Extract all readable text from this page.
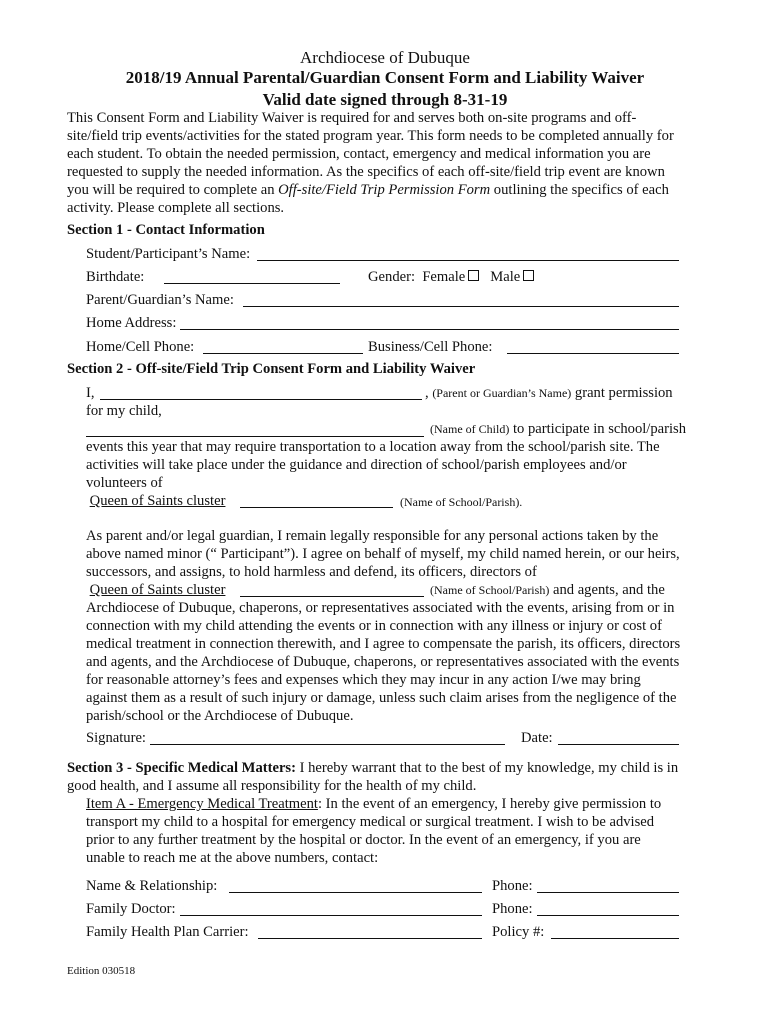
Archdiocese of Dubuque
2018/19 Annual Parental/Guardian Consent Form and Liability Waiver
Valid date signed through 8-31-19
This Consent Form and Liability Waiver is required for and serves both on-site programs and off-
site/field trip events/activities for the stated program year. This form needs to be completed annually for
each student. To obtain the needed permission, contact, emergency and medical information you are
requested to supply the needed information. As the specifics of each off-site/field trip event are known
you will be required to complete an Off-site/Field Trip Permission Form outlining the specifics of each
activity. Please complete all sections.
Section 1 - Contact Information
Student/Participant’s Name:
Birthdate:	Gender: Female Male
Parent/Guardian’s Name:
Home Address:
Home/Cell Phone:	Business/Cell Phone:
Section 2 - Off-site/Field Trip Consent Form and Liability Waiver
I,	, (Parent or Guardian’s Name) grant permission
for my child,
(Name of Child) to participate in school/parish
events this year that may require transportation to a location away from the school/parish site. The
activities will take place under the guidance and direction of school/parish employees and/or
volunteers of
Queen of Saints cluster	(Name of School/Parish).
As parent and/or legal guardian, I remain legally responsible for any personal actions taken by the
above named minor (“ Participant”). I agree on behalf of myself, my child named herein, or our heirs,
successors, and assigns, to hold harmless and defend, its officers, directors of
Queen of Saints cluster	(Name of School/Parish) and agents, and the
Archdiocese of Dubuque, chaperons, or representatives associated with the events, arising from or in
connection with my child attending the events or in connection with any illness or injury or cost of
medical treatment in connection therewith, and I agree to compensate the parish, its officers, directors
and agents, and the Archdiocese of Dubuque, chaperons, or representatives associated with the events
for reasonable attorney’s fees and expenses which they may incur in any action I/we may bring
against them as a result of such injury or damage, unless such claim arises from the negligence of the
parish/school or the Archdiocese of Dubuque.
Signature:	Date:
Section 3 - Specific Medical Matters: I hereby warrant that to the best of my knowledge, my child is in
good health, and I assume all responsibility for the health of my child.
Item A - Emergency Medical Treatment: In the event of an emergency, I hereby give permission to
transport my child to a hospital for emergency medical or surgical treatment. I wish to be advised
prior to any further treatment by the hospital or doctor. In the event of an emergency, if you are
unable to reach me at the above numbers, contact:
Name & Relationship:	Phone:
Family Doctor:	Phone:
Family Health Plan Carrier:	Policy #:
Edition 030518
